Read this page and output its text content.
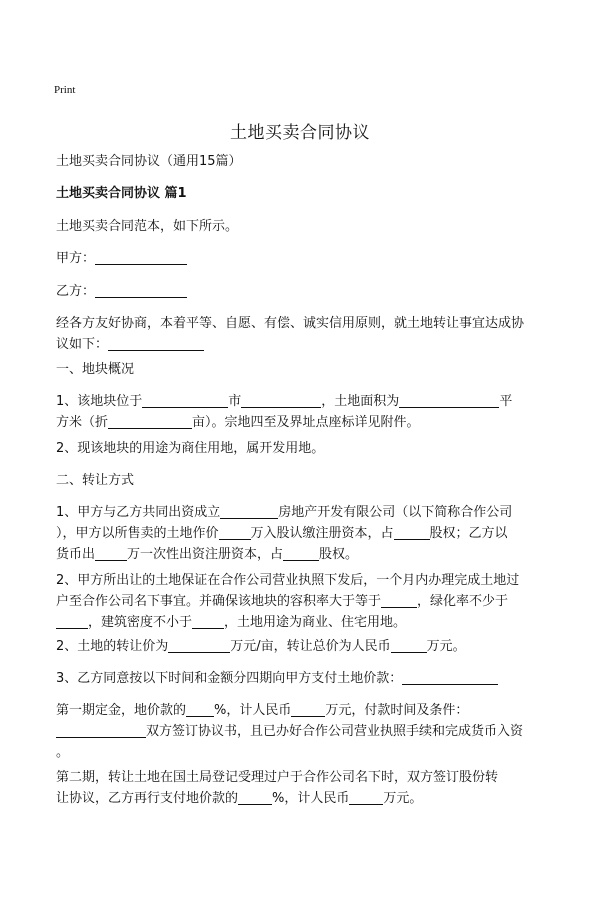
Print
土地买卖合同协议

土地买卖合同协议（通用15篇）

土地买卖合同协议 篇1

土地买卖合同范本，如下所示。

甲方：

乙方：

经各方友好协商，本着平等、自愿、有偿、诚实信用原则，就土地转让事宜达成协
议如下：

一、地块概况

1、该地块位于	市	，土地面积为	平
方米（折	亩）。宗地四至及界址点座标详见附件。

2、现该地块的用途为商住用地，属开发用地。

二、转让方式

1、甲方与乙方共同出资成立	房地产开发有限公司（以下简称合作公司
），甲方以所售卖的土地作价 万入股认缴注册资本，占	股权；乙方以
货币出 万一次性出资注册资本，占	股权。

2、甲方所出让的土地保证在合作公司营业执照下发后，一个月内办理完成土地过
户至合作公司名下事宜。并确保该地块的容积率大于等于	，绿化率不少于
，建筑密度不小于 ，土地用途为商业、住宅用地。

2、土地的转让价为	万元/亩，转让总价为人民币	万元。

3、乙方同意按以下时间和金额分四期向甲方支付土地价款：

第一期定金，地价款的 %，计人民币	万元，付款时间及条件：
双方签订协议书，且已办好合作公司营业执照手续和完成货币入资
。

第二期，转让土地在国土局登记受理过户于合作公司名下时，双方签订股份转
让协议，乙方再行支付地价款的	%，计人民币	万元。
